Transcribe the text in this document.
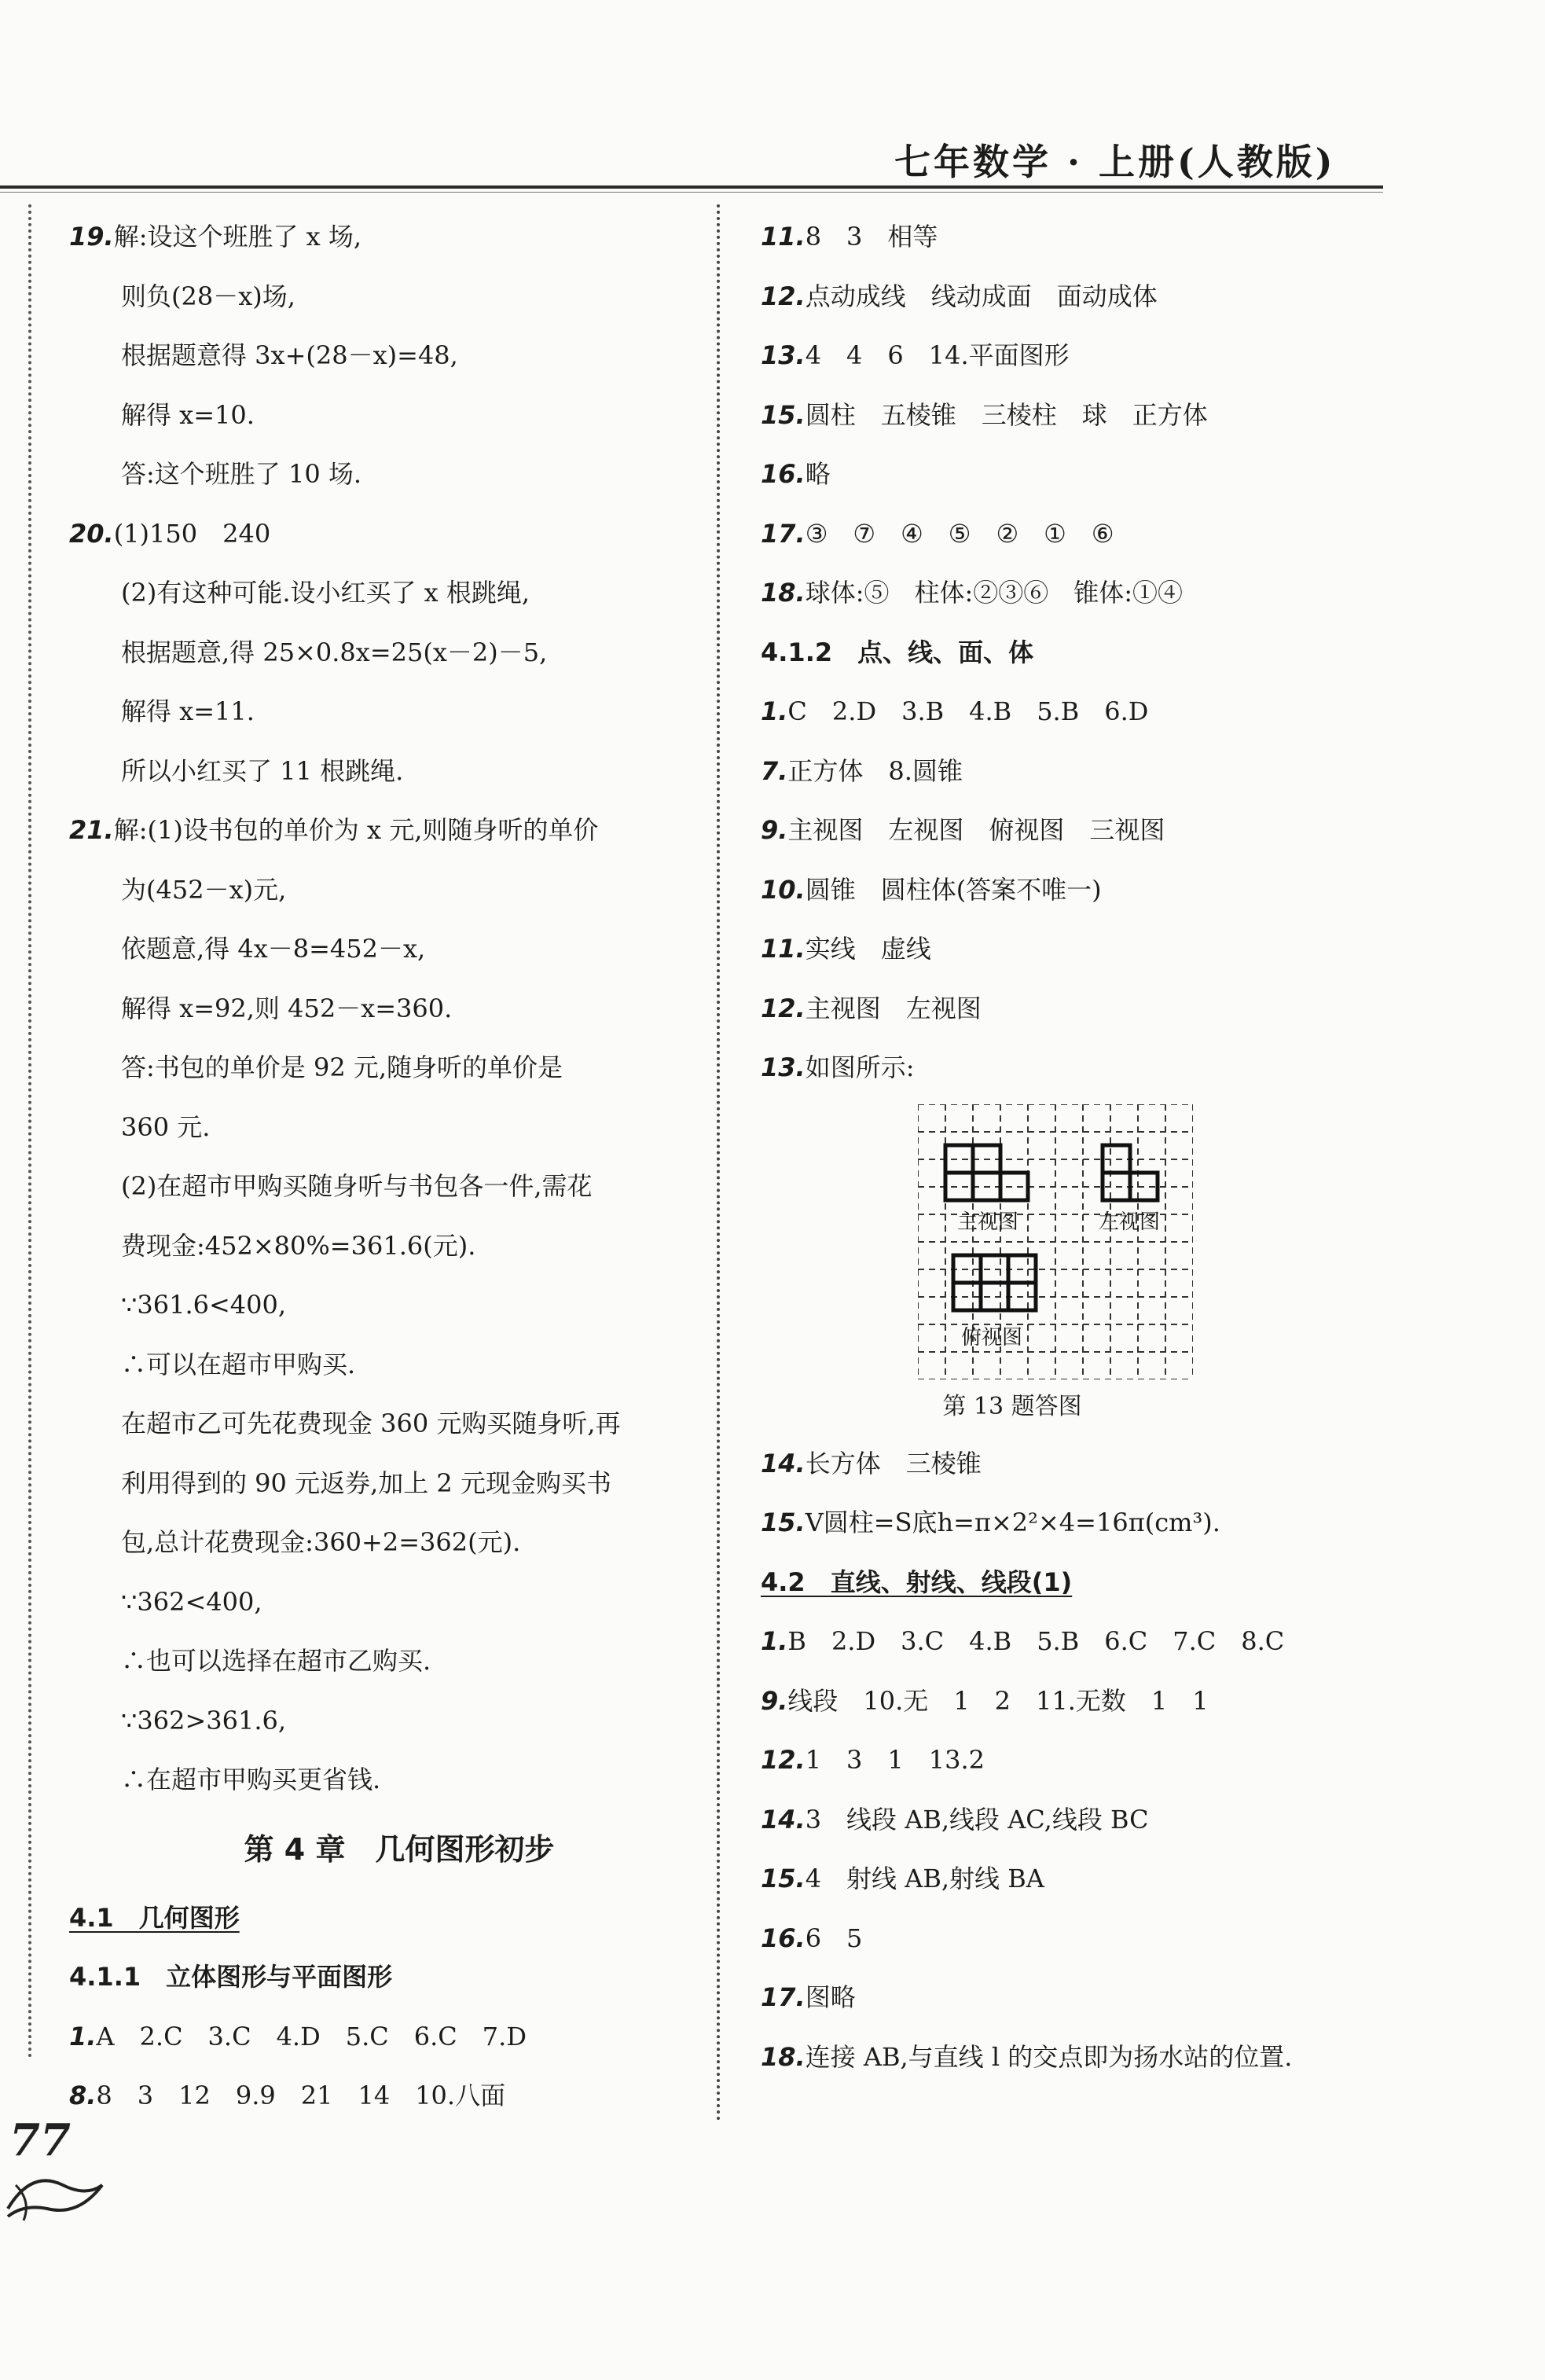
七年数学 · 上册(人教版)
19.解:设这个班胜了 x 场,
则负(28－x)场,
根据题意得 3x+(28－x)=48,
解得 x=10.
答:这个班胜了 10 场.
20.(1)150　240
(2)有这种可能.设小红买了 x 根跳绳,
根据题意,得 25×0.8x=25(x－2)－5,
解得 x=11.
所以小红买了 11 根跳绳.
21.解:(1)设书包的单价为 x 元,则随身听的单价
为(452－x)元,
依题意,得 4x－8=452－x,
解得 x=92,则 452－x=360.
答:书包的单价是 92 元,随身听的单价是
360 元.
(2)在超市甲购买随身听与书包各一件,需花
费现金:452×80%=361.6(元).
∵361.6<400,
∴可以在超市甲购买.
在超市乙可先花费现金 360 元购买随身听,再
利用得到的 90 元返券,加上 2 元现金购买书
包,总计花费现金:360+2=362(元).
∵362<400,
∴也可以选择在超市乙购买.
∵362>361.6,
∴在超市甲购买更省钱.
第 4 章　几何图形初步
4.1　几何图形
4.1.1　立体图形与平面图形
1.A　2.C　3.C　4.D　5.C　6.C　7.D
8.8　3　12　9.9　21　14　10.八面
11.8　3　相等
12.点动成线　线动成面　面动成体
13.4　4　6　14.平面图形
15.圆柱　五棱锥　三棱柱　球　正方体
16.略
17.③　⑦　④　⑤　②　①　⑥
18.球体:⑤　柱体:②③⑥　锥体:①④
4.1.2　点、线、面、体
1.C　2.D　3.B　4.B　5.B　6.D
7.正方体　8.圆锥
9.主视图　左视图　俯视图　三视图
10.圆锥　圆柱体(答案不唯一)
11.实线　虚线
12.主视图　左视图
13.如图所示:
主视图	左视图
俯视图
第 13 题答图
14.长方体　三棱锥
15.V圆柱=S底h=π×2²×4=16π(cm³).
4.2　直线、射线、线段(1)
1.B　2.D　3.C　4.B　5.B　6.C　7.C　8.C
9.线段　10.无　1　2　11.无数　1　1
12.1　3　1　13.2
14.3　线段 AB,线段 AC,线段 BC
15.4　射线 AB,射线 BA
16.6　5
17.图略
18.连接 AB,与直线 l 的交点即为扬水站的位置.
77
